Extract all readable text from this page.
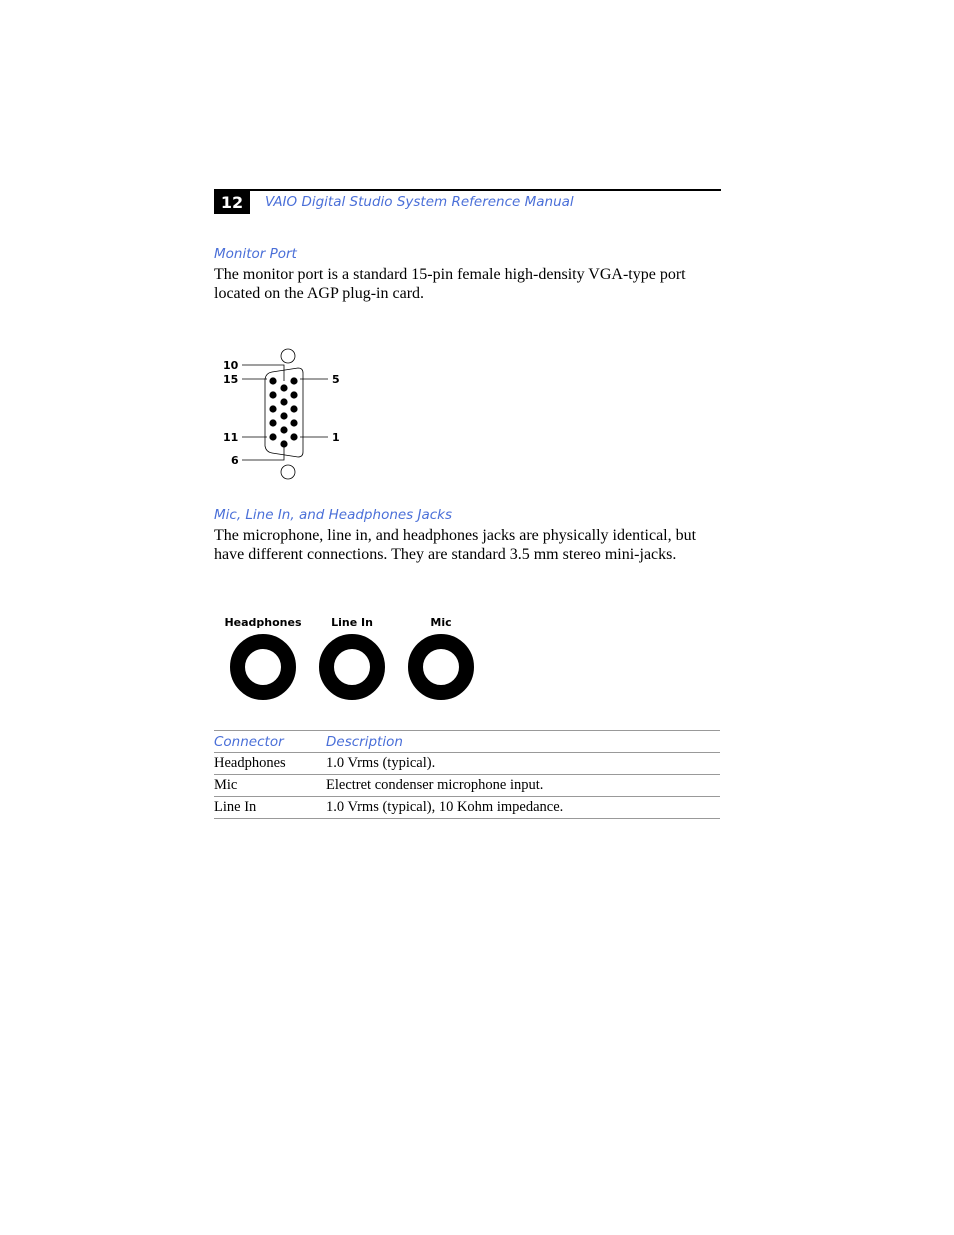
12	VAIO Digital Studio System Reference Manual
Monitor Port
The monitor port is a standard 15-pin female high-density VGA-type port located on the AGP plug-in card.
10
15	5
11	1
6
Mic, Line In, and Headphones Jacks
The microphone, line in, and headphones jacks are physically identical, but have different connections. They are standard 3.5 mm stereo mini-jacks.
Headphones	Line In	Mic
Connector	Description
Headphones	1.0 Vrms (typical).
Mic	Electret condenser microphone input.
Line In	1.0 Vrms (typical), 10 Kohm impedance.
